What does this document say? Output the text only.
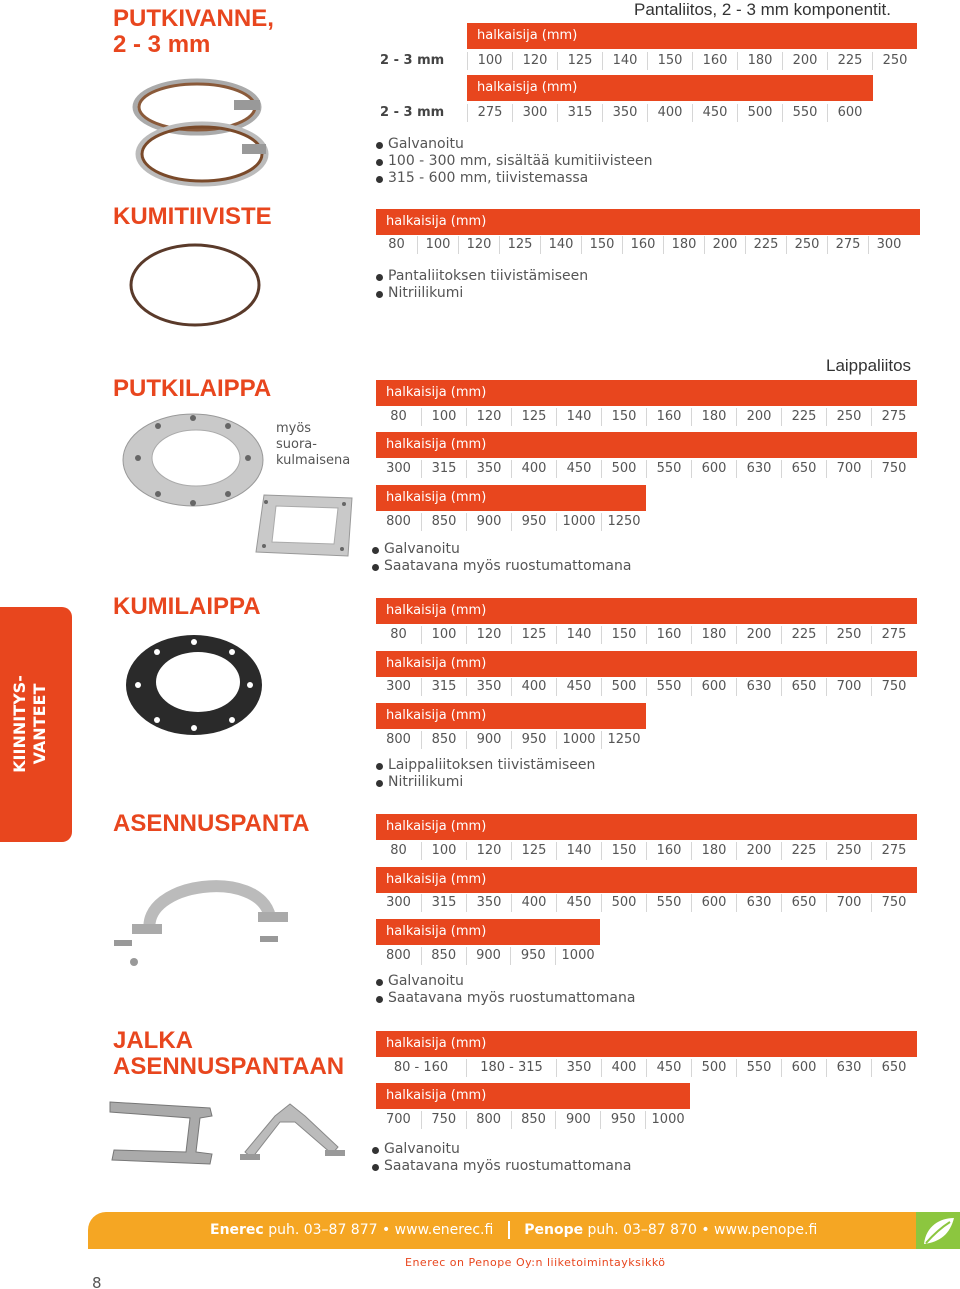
PUTKIVANNE,
2 - 3 mm
Pantaliitos, 2 - 3 mm komponentit.
halkaisija (mm)
2 - 3 mm	100	120	125	140	150	160	180	200	225	250
halkaisija (mm)
2 - 3 mm	275	300	315	350	400	450	500	550	600
Galvanoitu
100 - 300 mm, sisältää kumitiivisteen
315 - 600 mm, tiivistemassa
KUMITIIVISTE	halkaisija (mm)
80	100	120	125	140	150	160	180	200	225	250	275	300
Pantaliitoksen tiivistämiseen
Nitriilikumi
PUTKILAIPPA
Laippaliitos
myös
suora-
kulmaisena
halkaisija (mm)
80	100	120	125	140	150	160	180	200	225	250	275
halkaisija (mm)
300	315	350	400	450	500	550	600	630	650	700	750
halkaisija (mm)
800	850	900	950	1000 1250
Galvanoitu
Saatavana myös ruostumattomana
KIINNITYS-
VANTEET
KUMILAIPPA	halkaisija (mm)
80	100	120	125	140	150	160	180	200	225	250	275
halkaisija (mm)
300	315	350	400	450	500	550	600	630	650	700	750
halkaisija (mm)
800	850	900	950	1000 1250
Laippaliitoksen tiivistämiseen
Nitriilikumi
ASENNUSPANTA	halkaisija (mm)
80	100	120	125	140	150	160	180	200	225	250	275
halkaisija (mm)
300	315	350	400	450	500	550	600	630	650	700	750
halkaisija (mm)
800	850	900	950	1000
Galvanoitu
Saatavana myös ruostumattomana
JALKA
ASENNUSPANTAAN
halkaisija (mm)
80 - 160	180 - 315	350	400	450	500	550	600	630	650
halkaisija (mm)
700	750	800	850	900	950	1000
Galvanoitu
Saatavana myös ruostumattomana
Enerec puh. 03–87 877 • www.enerec.fi Penope puh. 03–87 870 • www.penope.fi
Enerec on Penope Oy:n liiketoimintayksikkö
8
